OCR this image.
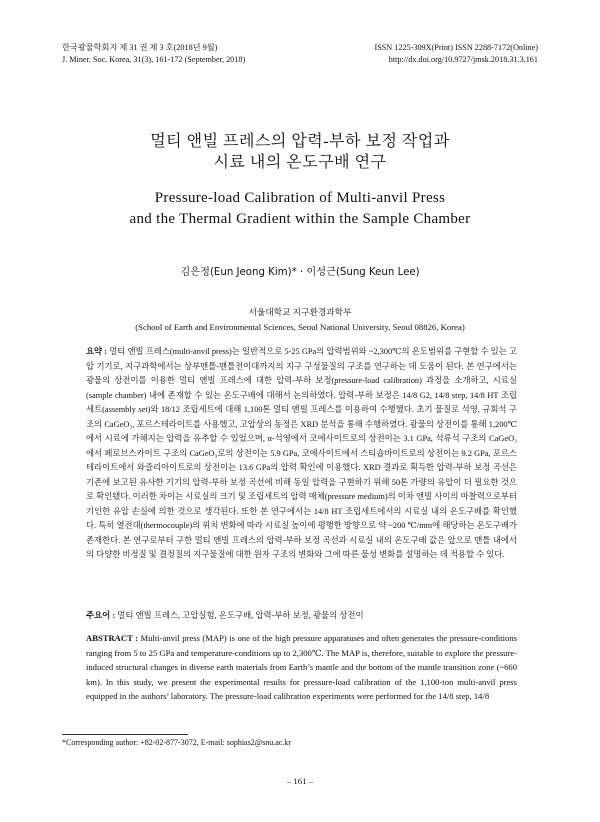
한국광물학회지 제 31 권 제 3 호(2018년 9월)
J. Miner. Soc. Korea, 31(3), 161-172 (September, 2018)
ISSN 1225-309X(Print) ISSN 2288-7172(Online)
http://dx.doi.org/10.9727/jmsk.2018.31.3.161
멀티 앤빌 프레스의 압력-부하 보정 작업과
시료 내의 온도구배 연구
Pressure-load Calibration of Multi-anvil Press
and the Thermal Gradient within the Sample Chamber
김은정(Eun Jeong Kim)* · 이성근(Sung Keun Lee)
서울대학교 지구환경과학부
(School of Earth and Environmental Sciences, Seoul National University, Seoul 08826, Korea)
요약 : 멀티 앤빌 프레스(multi-anvil press)는 일반적으로 5-25 GPa의 압력범위와 ~2,300℃의 온도범위를 구현할 수 있는 고압 기기로, 지구과학에서는 상부맨틀-맨틀전이대까지의 지구 구성물질의 구조를 연구하는 데 도움이 된다. 본 연구에서는 광물의 상전이를 이용한 멀티 앤빌 프레스에 대한 압력-부하 보정(pressure-load calibration) 과정을 소개하고, 시료실(sample chamber) 내에 존재할 수 있는 온도구배에 대해서 논의하였다. 압력-부하 보정은 14/8 G2, 14/8 step, 14/8 HT 조립세트(assembly set)와 18/12 조립세트에 대해 1,100톤 멀티 앤빌 프레스를 이용하여 수행했다. 초기 물질로 석영, 규회석 구조의 CaGeO₃, 포르스테라이트를 사용했고, 고압상의 동정은 XRD 분석을 통해 수행하였다. 광물의 상전이를 통해 1,200℃에서 시료에 가해지는 압력을 유추할 수 있었으며, α-석영에서 코에사이트로의 상전이는 3.1 GPa, 석류석 구조의 CaGeO₃에서 페로브스카이트 구조의 CaGeO₃로의 상전이는 5.9 GPa, 코에사이트에서 스티숍바이트로의 상전이는 9.2 GPa, 포르스테라이트에서 와즐리아이트로의 상전이는 13.6 GPa의 압력 확인에 이용했다. XRD 결과로 획득한 압력-부하 보정 곡선은 기존에 보고된 유사한 기기의 압력-부하 보정 곡선에 비해 동일 압력을 구현하기 위해 50톤 가량의 유압이 더 필요한 것으로 확인됐다. 이러한 차이는 시료실의 크기 및 조립세트의 압력 매체(pressure medium)의 이차 앤빌 사이의 마찰력으로부터 기인한 유압 손실에 의한 것으로 생각된다. 또한 본 연구에서는 14/8 HT 조립세트에서의 시료실 내의 온도구배를 확인했다. 특히 열전대(thermocouple)의 위치 변화에 따라 시료실 높이에 평행한 방향으로 약 ~200 ℃/mm에 해당하는 온도구배가 존재한다. 본 연구로부터 구한 멀티 앤빌 프레스의 압력-부하 보정 곡선과 시료실 내의 온도구배 값은 앞으로 맨틀 내에서의 다양한 비정질 및 결정질의 지구물질에 대한 원자 구조의 변화와 그에 따른 물성 변화를 설명하는 데 적용할 수 있다.
주요어 : 멀티 앤빌 프레스, 고압실험, 온도구배, 압력-부하 보정, 광물의 상전이
ABSTRACT : Multi-anvil press (MAP) is one of the high pressure apparatuses and often generates the pressure-conditions ranging from 5 to 25 GPa and temperature-conditions up to 2,300℃. The MAP is, therefore, suitable to explore the pressure-induced structural changes in diverse earth materials from Earth’s mantle and the bottom of the mantle transition zone (~660 km). In this study, we present the experimental results for pressure-load calibration of the 1,100-ton multi-anvil press equipped in the authors’ laboratory. The pressure-load calibration experiments were performed for the 14/8 step, 14/8
*Corresponding author: +82-02-877-3072, E-mail: sophias2@snu.ac.kr
– 161 –
